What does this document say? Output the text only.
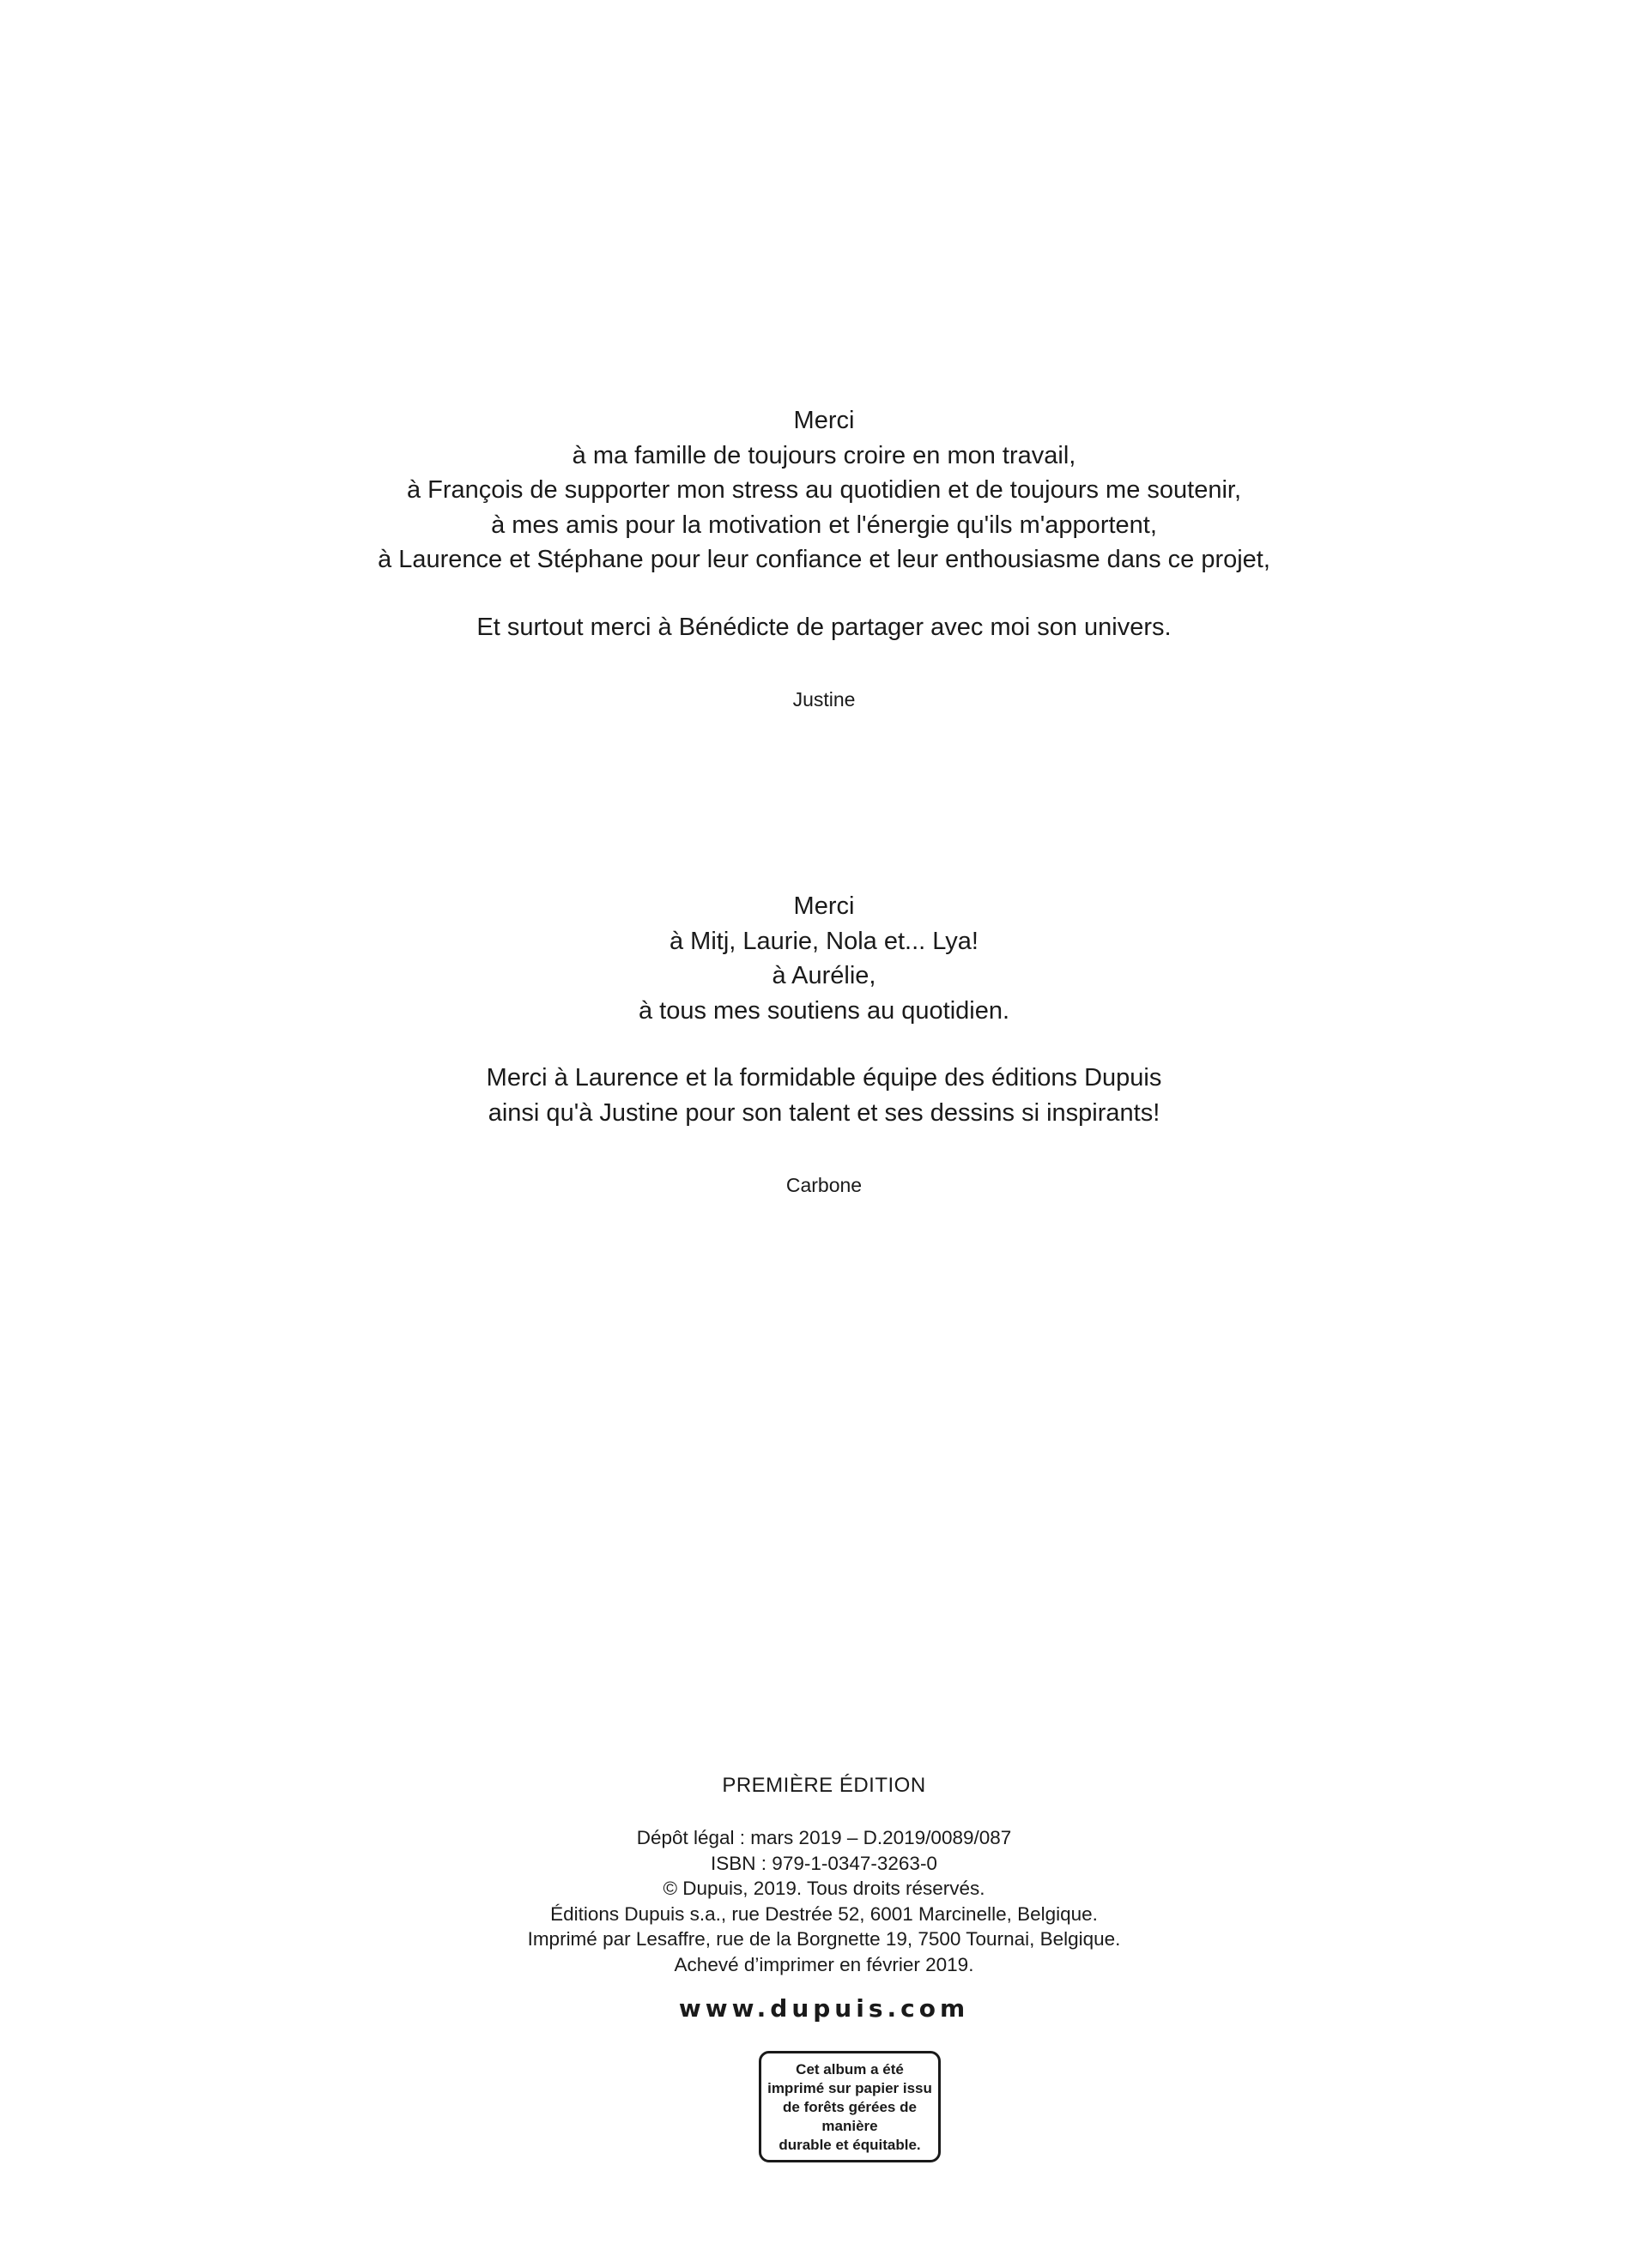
Merci
à ma famille de toujours croire en mon travail,
à François de supporter mon stress au quotidien et de toujours me soutenir,
à mes amis pour la motivation et l'énergie qu'ils m'apportent,
à Laurence et Stéphane pour leur confiance et leur enthousiasme dans ce projet,
Et surtout merci à Bénédicte de partager avec moi son univers.
Justine
Merci
à Mitj, Laurie, Nola et... Lya!
à Aurélie,
à tous mes soutiens au quotidien.
Merci à Laurence et la formidable équipe des éditions Dupuis
ainsi qu'à Justine pour son talent et ses dessins si inspirants!
Carbone
PREMIÈRE ÉDITION
Dépôt légal : mars 2019 – D.2019/0089/087
ISBN : 979-1-0347-3263-0
© Dupuis, 2019. Tous droits réservés.
Éditions Dupuis s.a., rue Destrée 52, 6001 Marcinelle, Belgique.
Imprimé par Lesaffre, rue de la Borgnette 19, 7500 Tournai, Belgique.
Achevé d’imprimer en février 2019.
www.dupuis.com
Cet album a été
imprimé sur papier issu
de forêts gérées de
manière
durable et équitable.
